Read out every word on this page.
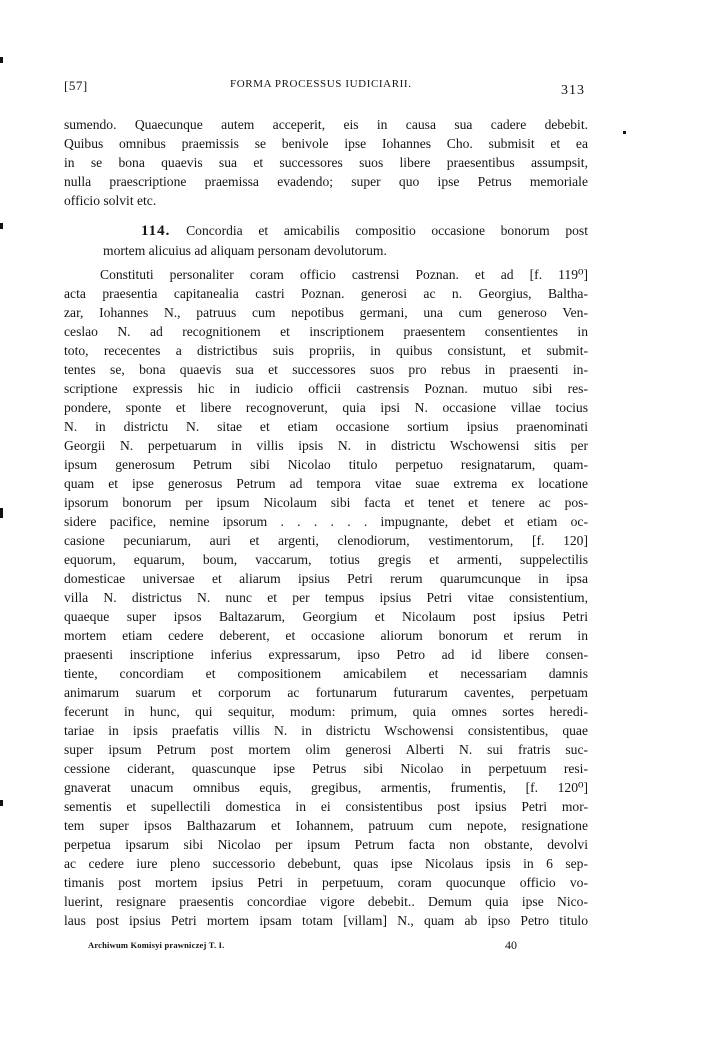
[57]	FORMA PROCESSUS IUDICIARII.	313
sumendo. Quaecunque autem acceperit, eis in causa sua cadere debebit.
Quibus omnibus praemissis se benivole ipse Iohannes Cho. submisit et ea
in se bona quaevis sua et successores suos libere praesentibus assumpsit,
nulla praescriptione praemissa evadendo; super quo ipse Petrus memoriale
officio solvit etc.
114. Concordia et amicabilis compositio occasione bonorum post
mortem alicuius ad aliquam personam devolutorum.
Constituti personaliter coram officio castrensi Poznan. et ad [f. 119⁰]
acta praesentia capitanealia castri Poznan. generosi ac n. Georgius, Baltha-
zar, Iohannes N., patruus cum nepotibus germani, una cum generoso Ven-
ceslao N. ad recognitionem et inscriptionem praesentem consentientes in
toto, rececentes a districtibus suis propriis, in quibus consistunt, et submit-
tentes se, bona quaevis sua et successores suos pro rebus in praesenti in-
scriptione expressis hic in iudicio officii castrensis Poznan. mutuo sibi res-
pondere, sponte et libere recognoverunt, quia ipsi N. occasione villae tocius
N. in districtu N. sitae et etiam occasione sortium ipsius praenominati
Georgii N. perpetuarum in villis ipsis N. in districtu Wschowensi sitis per
ipsum generosum Petrum sibi Nicolao titulo perpetuo resignatarum, quam-
quam et ipse generosus Petrum ad tempora vitae suae extrema ex locatione
ipsorum bonorum per ipsum Nicolaum sibi facta et tenet et tenere ac pos-
sidere pacifice, nemine ipsorum . . . . . . impugnante, debet et etiam oc-
casione pecuniarum, auri et argenti, clenodiorum, vestimentorum, [f. 120]
equorum, equarum, boum, vaccarum, totius gregis et armenti, suppelectilis
domesticae universae et aliarum ipsius Petri rerum quarumcunque in ipsa
villa N. districtus N. nunc et per tempus ipsius Petri vitae consistentium,
quaeque super ipsos Baltazarum, Georgium et Nicolaum post ipsius Petri
mortem etiam cedere deberent, et occasione aliorum bonorum et rerum in
praesenti inscriptione inferius expressarum, ipso Petro ad id libere consen-
tiente, concordiam et compositionem amicabilem et necessariam damnis
animarum suarum et corporum ac fortunarum futurarum caventes, perpetuam
fecerunt in hunc, qui sequitur, modum: primum, quia omnes sortes heredi-
tariae in ipsis praefatis villis N. in districtu Wschowensi consistentibus, quae
super ipsum Petrum post mortem olim generosi Alberti N. sui fratris suc-
cessione ciderant, quascunque ipse Petrus sibi Nicolao in perpetuum resi-
gnaverat unacum omnibus equis, gregibus, armentis, frumentis, [f. 120⁰]
sementis et supellectili domestica in ei consistentibus post ipsius Petri mor-
tem super ipsos Balthazarum et Iohannem, patruum cum nepote, resignatione
perpetua ipsarum sibi Nicolao per ipsum Petrum facta non obstante, devolvi
ac cedere iure pleno successorio debebunt, quas ipse Nicolaus ipsis in 6 sep-
timanis post mortem ipsius Petri in perpetuum, coram quocunque officio vo-
luerint, resignare praesentis concordiae vigore debebit.. Demum quia ipse Nico-
laus post ipsius Petri mortem ipsam totam [villam] N., quam ab ipso Petro titulo
Archiwum Komisyi prawniczej T. I.	40
